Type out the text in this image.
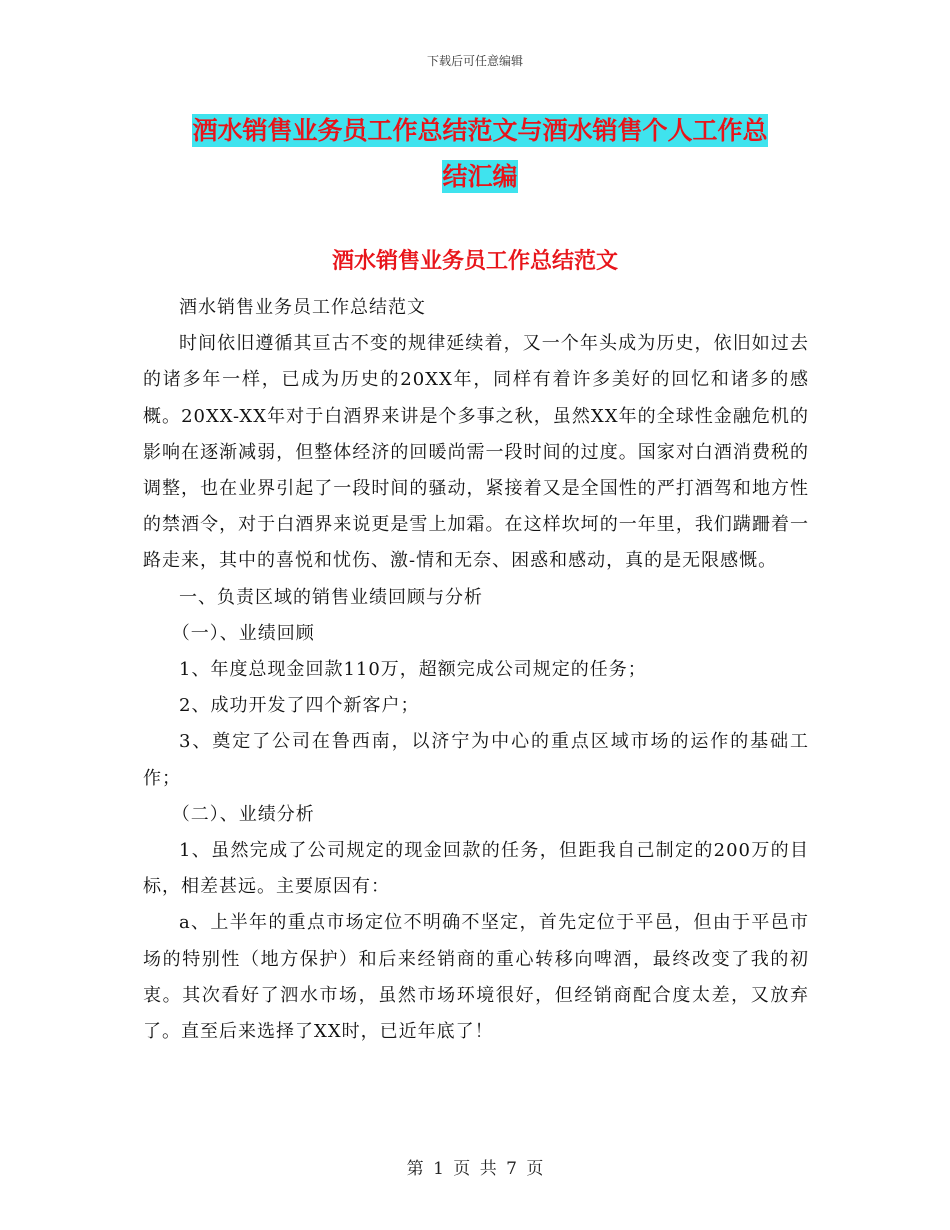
下载后可任意编辑
酒水销售业务员工作总结范文与酒水销售个人工作总
结汇编
酒水销售业务员工作总结范文

酒水销售业务员工作总结范文

时间依旧遵循其亘古不变的规律延续着，又一个年头成为历史，依旧如过去的诸多年一样，已成为历史的20XX年，同样有着许多美好的回忆和诸多的感概。20XX-XX年对于白酒界来讲是个多事之秋，虽然XX年的全球性金融危机的影响在逐渐减弱，但整体经济的回暖尚需一段时间的过度。国家对白酒消费税的调整，也在业界引起了一段时间的骚动，紧接着又是全国性的严打酒驾和地方性的禁酒令，对于白酒界来说更是雪上加霜。在这样坎坷的一年里，我们蹒跚着一路走来，其中的喜悦和忧伤、激-情和无奈、困惑和感动，真的是无限感慨。

一、负责区域的销售业绩回顾与分析

（一）、业绩回顾

1、年度总现金回款110万，超额完成公司规定的任务；

2、成功开发了四个新客户；

3、奠定了公司在鲁西南，以济宁为中心的重点区域市场的运作的基础工作；

（二）、业绩分析

1、虽然完成了公司规定的现金回款的任务，但距我自己制定的200万的目标，相差甚远。主要原因有：

a、上半年的重点市场定位不明确不坚定，首先定位于平邑，但由于平邑市场的特别性（地方保护）和后来经销商的重心转移向啤酒，最终改变了我的初衷。其次看好了泗水市场，虽然市场环境很好，但经销商配合度太差，又放弃了。直至后来选择了XX时，已近年底了！

第 1 页 共 7 页
